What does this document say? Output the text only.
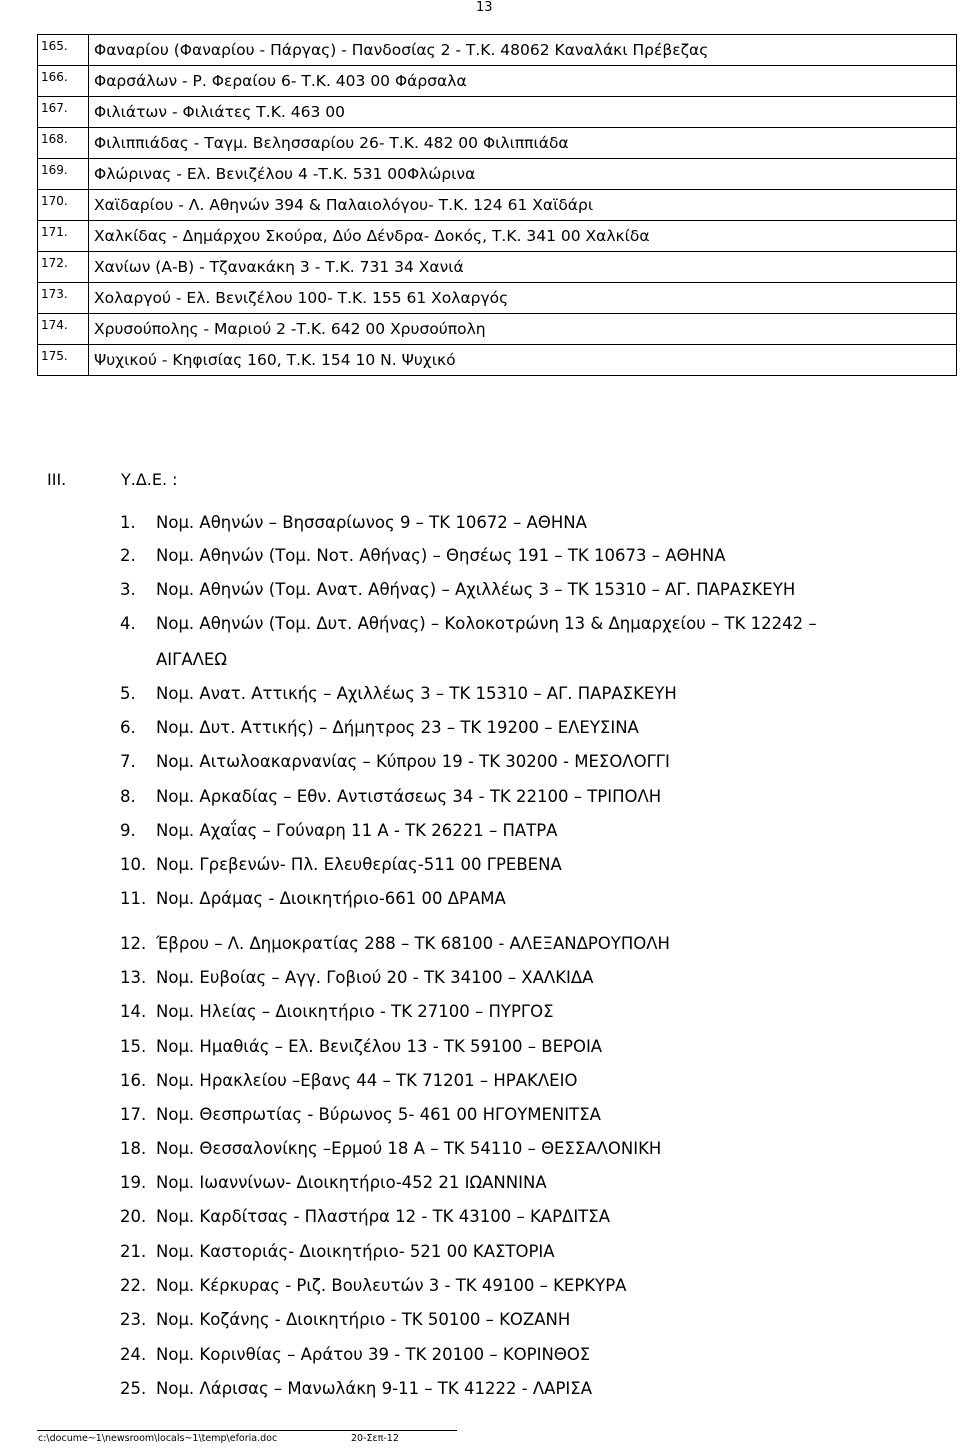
13
165.	Φαναρίου (Φαναρίου - Πάργας) - Πανδοσίας 2 - Τ.Κ. 48062 Καναλάκι Πρέβεζας
166.	Φαρσάλων - Ρ. Φεραίου 6- Τ.Κ. 403 00 Φάρσαλα
167.	Φιλιάτων - Φιλιάτες Τ.Κ. 463 00
168.	Φιλιππιάδας - Ταγμ. Βελησσαρίου 26- Τ.Κ. 482 00 Φιλιππιάδα
169.	Φλώρινας - Ελ. Βενιζέλου 4 -Τ.Κ. 531 00Φλώρινα
170.	Χαϊδαρίου - Λ. Αθηνών 394 & Παλαιολόγου- Τ.Κ. 124 61 Χαϊδάρι
171.	Χαλκίδας - Δημάρχου Σκούρα, Δύο Δένδρα- Δοκός, Τ.Κ. 341 00 Χαλκίδα
172.	Χανίων (Α-Β) - Τζανακάκη 3 - Τ.Κ. 731 34 Χανιά
173.	Χολαργού - Ελ. Βενιζέλου 100- Τ.Κ. 155 61 Χολαργός
174.	Χρυσούπολης - Μαριού 2 -Τ.Κ. 642 00 Χρυσούπολη
175.	Ψυχικού - Κηφισίας 160, Τ.Κ. 154 10 Ν. Ψυχικό
III.	Υ.Δ.Ε. :
1. Νομ. Αθηνών – Βησσαρίωνος 9 – ΤΚ 10672 – ΑΘΗΝΑ
2. Νομ. Αθηνών (Τομ. Νοτ. Αθήνας) – Θησέως 191 – ΤΚ 10673 – ΑΘΗΝΑ
3. Νομ. Αθηνών (Τομ. Ανατ. Αθήνας) – Αχιλλέως 3 – ΤΚ 15310 – ΑΓ. ΠΑΡΑΣΚΕΥΗ
4. Νομ. Αθηνών (Τομ. Δυτ. Αθήνας) – Κολοκοτρώνη 13 & Δημαρχείου – ΤΚ 12242 –
ΑΙΓΑΛΕΩ
5. Νομ. Ανατ. Αττικής – Αχιλλέως 3 – ΤΚ 15310 – ΑΓ. ΠΑΡΑΣΚΕΥΗ
6. Νομ. Δυτ. Αττικής) – Δήμητρος 23 – ΤΚ 19200 – ΕΛΕΥΣΙΝΑ
7. Νομ. Αιτωλοακαρνανίας – Κύπρου 19 - ΤΚ 30200 - ΜΕΣΟΛΟΓΓΙ
8. Νομ. Αρκαδίας – Εθν. Αντιστάσεως 34 - ΤΚ 22100 – ΤΡΙΠΟΛΗ
9. Νομ. Αχαΐας – Γούναρη 11 Α - ΤΚ 26221 – ΠΑΤΡΑ
10. Νομ. Γρεβενών- Πλ. Ελευθερίας-511 00 ΓΡΕΒΕΝΑ
11. Νομ. Δράμας - Διοικητήριο-661 00 ΔΡΑΜΑ
12. Έβρου – Λ. Δημοκρατίας 288 – ΤΚ 68100 - ΑΛΕΞΑΝΔΡΟΥΠΟΛΗ
13. Νομ. Ευβοίας – Αγγ. Γοβιού 20 - ΤΚ 34100 – ΧΑΛΚΙΔΑ
14. Νομ. Ηλείας – Διοικητήριο - ΤΚ 27100 – ΠΥΡΓΟΣ
15. Νομ. Ημαθιάς – Ελ. Βενιζέλου 13 - ΤΚ 59100 – ΒΕΡΟΙΑ
16. Νομ. Ηρακλείου –Εβανς 44 – ΤΚ 71201 – ΗΡΑΚΛΕΙΟ
17. Νομ. Θεσπρωτίας - Βύρωνος 5- 461 00 ΗΓΟΥΜΕΝΙΤΣΑ
18. Νομ. Θεσσαλονίκης –Ερμού 18 Α – ΤΚ 54110 – ΘΕΣΣΑΛΟΝΙΚΗ
19. Νομ. Ιωαννίνων- Διοικητήριο-452 21 ΙΩΑΝΝΙΝΑ
20. Νομ. Καρδίτσας - Πλαστήρα 12 - ΤΚ 43100 – ΚΑΡΔΙΤΣΑ
21. Νομ. Καστοριάς- Διοικητήριο- 521 00 ΚΑΣΤΟΡΙΑ
22. Νομ. Κέρκυρας - Ριζ. Βουλευτών 3 - ΤΚ 49100 – ΚΕΡΚΥΡΑ
23. Νομ. Κοζάνης - Διοικητήριο - ΤΚ 50100 – ΚΟΖΑΝΗ
24. Νομ. Κορινθίας – Αράτου 39 - ΤΚ 20100 – ΚΟΡΙΝΘΟΣ
25. Νομ. Λάρισας – Μανωλάκη 9-11 – ΤΚ 41222 - ΛΑΡΙΣΑ
c:\docume~1\newsroom\locals~1\temp\eforia.doc	20-Σεπ-12
